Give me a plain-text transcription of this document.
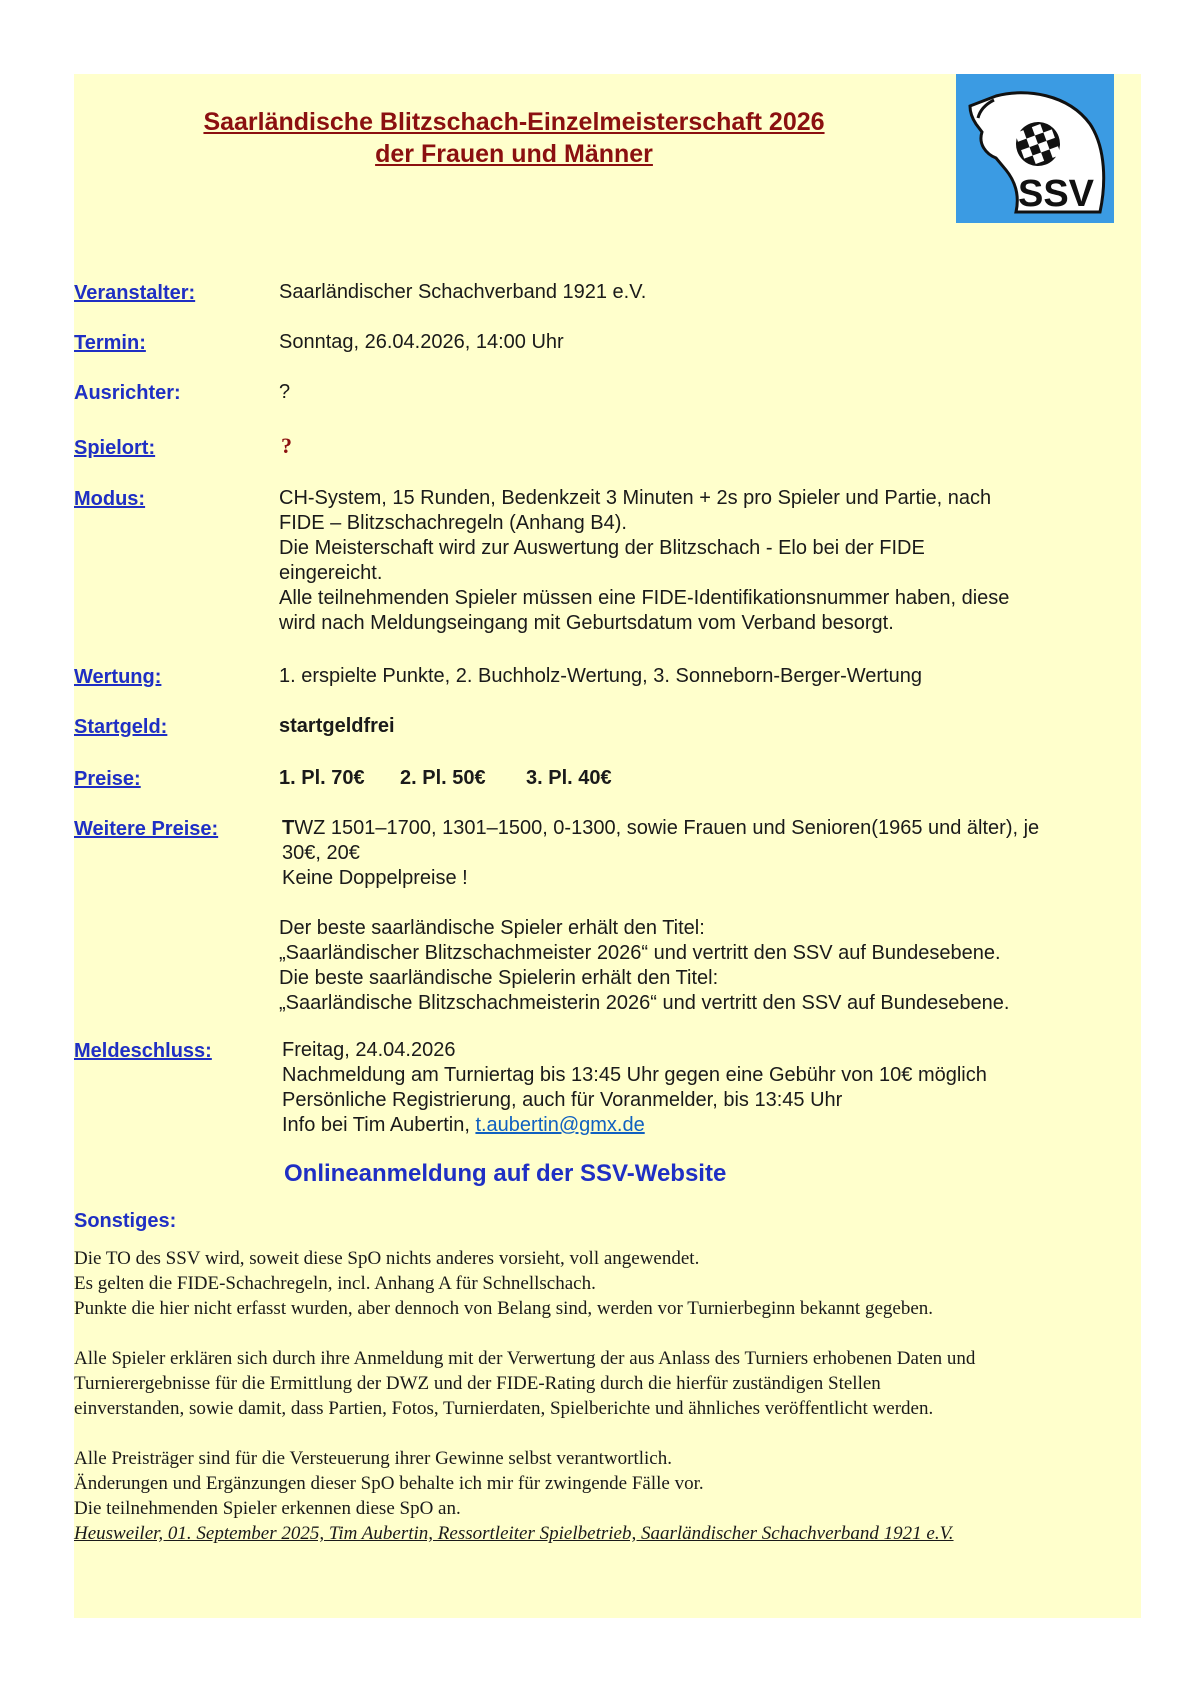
Saarländische Blitzschach-Einzelmeisterschaft 2026
der Frauen und Männer
SSV
Veranstalter:	Saarländischer Schachverband 1921 e.V.
Termin:	Sonntag, 26.04.2026, 14:00 Uhr
Ausrichter:	?
Spielort:	?
Modus:	CH-System, 15 Runden, Bedenkzeit 3 Minuten + 2s pro Spieler und Partie, nach
FIDE – Blitzschachregeln (Anhang B4).
Die Meisterschaft wird zur Auswertung der Blitzschach - Elo bei der FIDE
eingereicht.
Alle teilnehmenden Spieler müssen eine FIDE-Identifikationsnummer haben, diese
wird nach Meldungseingang mit Geburtsdatum vom Verband besorgt.
Wertung:	1. erspielte Punkte, 2. Buchholz-Wertung, 3. Sonneborn-Berger-Wertung
Startgeld:	startgeldfrei
Preise:	1. Pl. 70€ 2. Pl. 50€ 3. Pl. 40€
Weitere Preise:	TWZ 1501–1700, 1301–1500, 0-1300, sowie Frauen und Senioren(1965 und älter), je
30€, 20€
Keine Doppelpreise !
Der beste saarländische Spieler erhält den Titel:
„Saarländischer Blitzschachmeister 2026“ und vertritt den SSV auf Bundesebene.
Die beste saarländische Spielerin erhält den Titel:
„Saarländische Blitzschachmeisterin 2026“ und vertritt den SSV auf Bundesebene.
Meldeschluss:	Freitag, 24.04.2026
Nachmeldung am Turniertag bis 13:45 Uhr gegen eine Gebühr von 10€ möglich
Persönliche Registrierung, auch für Voranmelder, bis 13:45 Uhr
Info bei Tim Aubertin, t.aubertin@gmx.de
Onlineanmeldung auf der SSV-Website
Sonstiges:
Die TO des SSV wird, soweit diese SpO nichts anderes vorsieht, voll angewendet.
Es gelten die FIDE-Schachregeln, incl. Anhang A für Schnellschach.
Punkte die hier nicht erfasst wurden, aber dennoch von Belang sind, werden vor Turnierbeginn bekannt gegeben.
Alle Spieler erklären sich durch ihre Anmeldung mit der Verwertung der aus Anlass des Turniers erhobenen Daten und
Turnierergebnisse für die Ermittlung der DWZ und der FIDE-Rating durch die hierfür zuständigen Stellen
einverstanden, sowie damit, dass Partien, Fotos, Turnierdaten, Spielberichte und ähnliches veröffentlicht werden.
Alle Preisträger sind für die Versteuerung ihrer Gewinne selbst verantwortlich.
Änderungen und Ergänzungen dieser SpO behalte ich mir für zwingende Fälle vor.
Die teilnehmenden Spieler erkennen diese SpO an.
Heusweiler, 01. September 2025, Tim Aubertin, Ressortleiter Spielbetrieb, Saarländischer Schachverband 1921 e.V.
